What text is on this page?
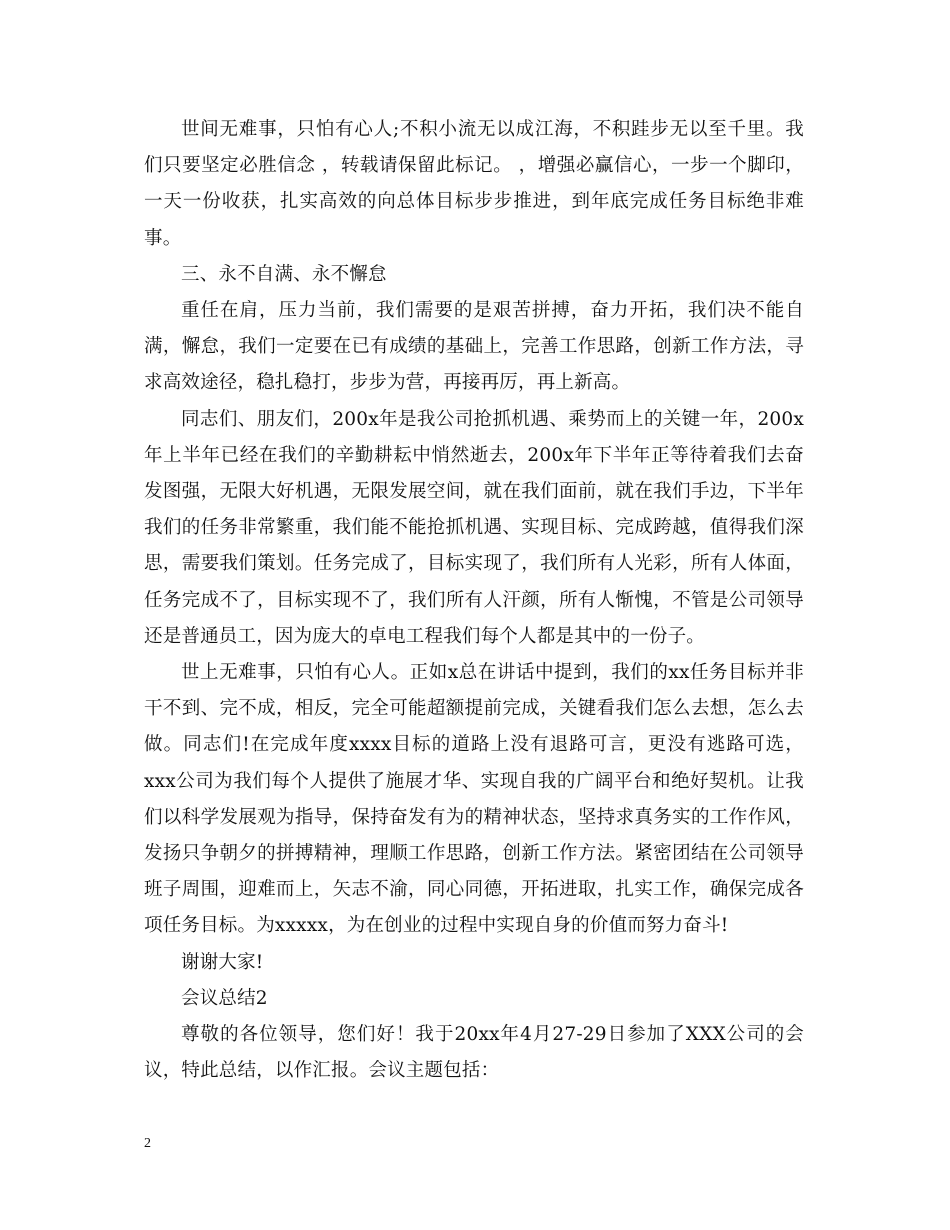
世间无难事，只怕有心人;不积小流无以成江海，不积跬步无以至千里。我们只要坚定必胜信念 ，转载请保留此标记。 ，增强必赢信心，一步一个脚印，一天一份收获，扎实高效的向总体目标步步推进，到年底完成任务目标绝非难事。

三、永不自满、永不懈怠

重任在肩，压力当前，我们需要的是艰苦拼搏，奋力开拓，我们决不能自满，懈怠，我们一定要在已有成绩的基础上，完善工作思路，创新工作方法，寻求高效途径，稳扎稳打，步步为营，再接再厉，再上新高。

同志们、朋友们，200x年是我公司抢抓机遇、乘势而上的关键一年，200x年上半年已经在我们的辛勤耕耘中悄然逝去，200x年下半年正等待着我们去奋发图强，无限大好机遇，无限发展空间，就在我们面前，就在我们手边，下半年我们的任务非常繁重，我们能不能抢抓机遇、实现目标、完成跨越，值得我们深思，需要我们策划。任务完成了，目标实现了，我们所有人光彩，所有人体面，任务完成不了，目标实现不了，我们所有人汗颜，所有人惭愧，不管是公司领导还是普通员工，因为庞大的卓电工程我们每个人都是其中的一份子。

世上无难事，只怕有心人。正如x总在讲话中提到，我们的xx任务目标并非干不到、完不成，相反，完全可能超额提前完成，关键看我们怎么去想，怎么去做。同志们!在完成年度xxxx目标的道路上没有退路可言，更没有逃路可选，xxx公司为我们每个人提供了施展才华、实现自我的广阔平台和绝好契机。让我们以科学发展观为指导，保持奋发有为的精神状态，坚持求真务实的工作作风，发扬只争朝夕的拼搏精神，理顺工作思路，创新工作方法。紧密团结在公司领导班子周围，迎难而上，矢志不渝，同心同德，开拓进取，扎实工作，确保完成各项任务目标。为xxxxx，为在创业的过程中实现自身的价值而努力奋斗!

谢谢大家!

会议总结2

尊敬的各位领导，您们好！我于20xx年4月27-29日参加了XXX公司的会议，特此总结，以作汇报。会议主题包括：

2
